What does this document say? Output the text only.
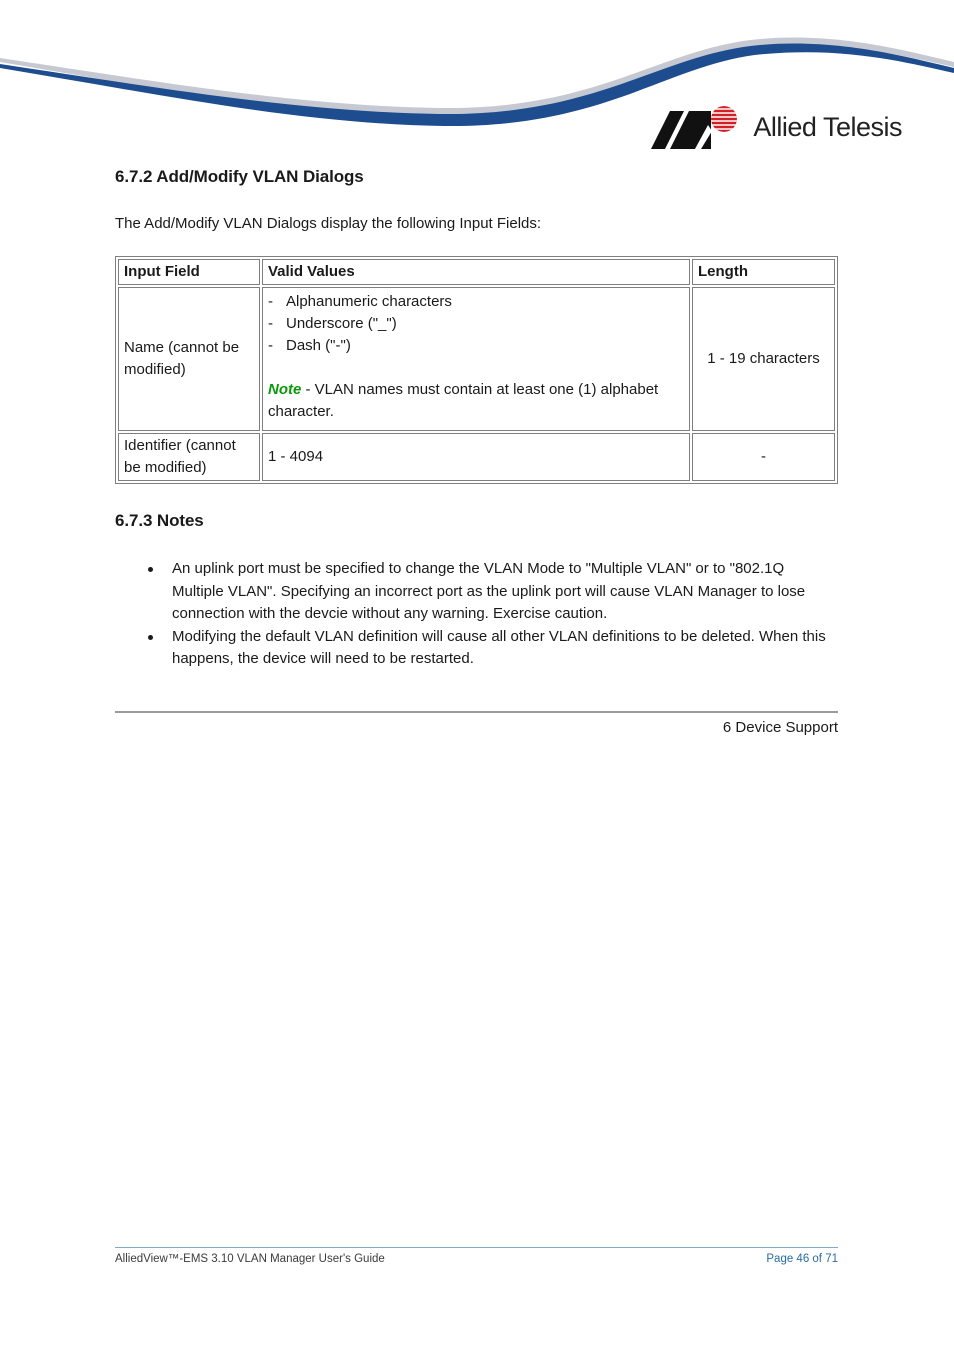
Allied Telesis
6.7.2 Add/Modify VLAN Dialogs
The Add/Modify VLAN Dialogs display the following Input Fields:
Input Field	Valid Values	Length
Name (cannot be modified)	- Alphanumeric characters
- Underscore ("_")
- Dash ("-")
Note - VLAN names must contain at least one (1) alphabet character.	1 - 19 characters
Identifier (cannot be modified)	1 - 4094	-
6.7.3 Notes
An uplink port must be specified to change the VLAN Mode to "Multiple VLAN" or to "802.1Q Multiple VLAN". Specifying an incorrect port as the uplink port will cause VLAN Manager to lose connection with the devcie without any warning. Exercise caution.
Modifying the default VLAN definition will cause all other VLAN definitions to be deleted. When this happens, the device will need to be restarted.
6 Device Support
AlliedView™-EMS 3.10 VLAN Manager User's Guide	Page 46 of 71
